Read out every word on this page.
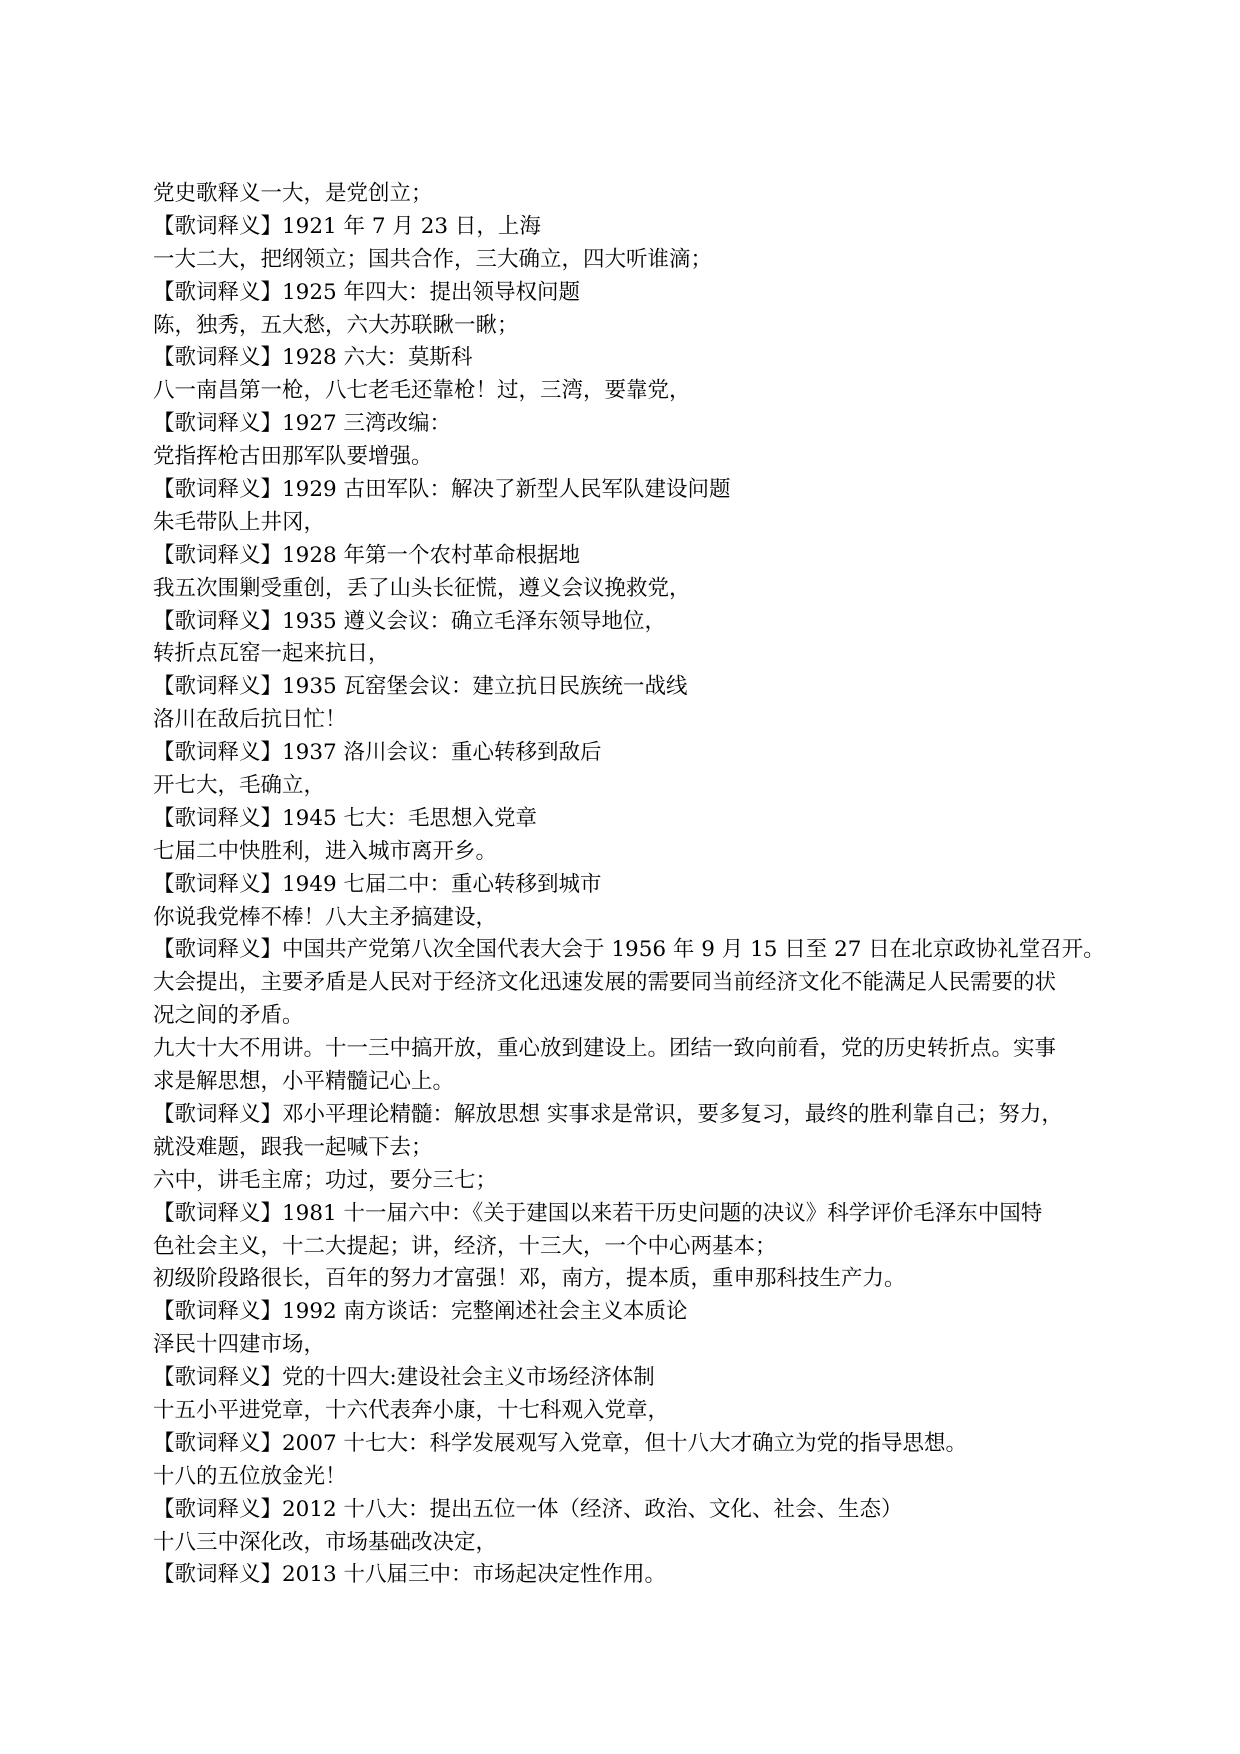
党史歌释义一大，是党创立；
【歌词释义】1921 年 7 月 23 日，上海
一大二大，把纲领立；国共合作，三大确立，四大听谁滴；
【歌词释义】1925 年四大：提出领导权问题
陈，独秀，五大愁，六大苏联瞅一瞅；
【歌词释义】1928 六大：莫斯科
八一南昌第一枪，八七老毛还靠枪！过，三湾，要靠党，
【歌词释义】1927 三湾改编：
党指挥枪古田那军队要增强。
【歌词释义】1929 古田军队：解决了新型人民军队建设问题
朱毛带队上井冈，
【歌词释义】1928 年第一个农村革命根据地
我五次围剿受重创，丢了山头长征慌，遵义会议挽救党，
【歌词释义】1935 遵义会议：确立毛泽东领导地位，
转折点瓦窑一起来抗日，
【歌词释义】1935 瓦窑堡会议：建立抗日民族统一战线
洛川在敌后抗日忙！
【歌词释义】1937 洛川会议：重心转移到敌后
开七大，毛确立，
【歌词释义】1945 七大：毛思想入党章
七届二中快胜利，进入城市离开乡。
【歌词释义】1949 七届二中：重心转移到城市
你说我党棒不棒！八大主矛搞建设，
【歌词释义】中国共产党第八次全国代表大会于 1956 年 9 月 15 日至 27 日在北京政协礼堂召开。
大会提出，主要矛盾是人民对于经济文化迅速发展的需要同当前经济文化不能满足人民需要的状
况之间的矛盾。
九大十大不用讲。十一三中搞开放，重心放到建设上。团结一致向前看，党的历史转折点。实事
求是解思想，小平精髓记心上。
【歌词释义】邓小平理论精髓：解放思想 实事求是常识，要多复习，最终的胜利靠自己；努力，
就没难题，跟我一起喊下去；
六中，讲毛主席；功过，要分三七；
【歌词释义】1981 十一届六中：《关于建国以来若干历史问题的决议》科学评价毛泽东中国特
色社会主义，十二大提起；讲，经济，十三大，一个中心两基本；
初级阶段路很长，百年的努力才富强！邓，南方，提本质，重申那科技生产力。
【歌词释义】1992 南方谈话：完整阐述社会主义本质论
泽民十四建市场，
【歌词释义】党的十四大:建设社会主义市场经济体制
十五小平进党章，十六代表奔小康，十七科观入党章，
【歌词释义】2007 十七大：科学发展观写入党章，但十八大才确立为党的指导思想。
十八的五位放金光！
【歌词释义】2012 十八大：提出五位一体（经济、政治、文化、社会、生态）
十八三中深化改，市场基础改决定，
【歌词释义】2013 十八届三中：市场起决定性作用。
